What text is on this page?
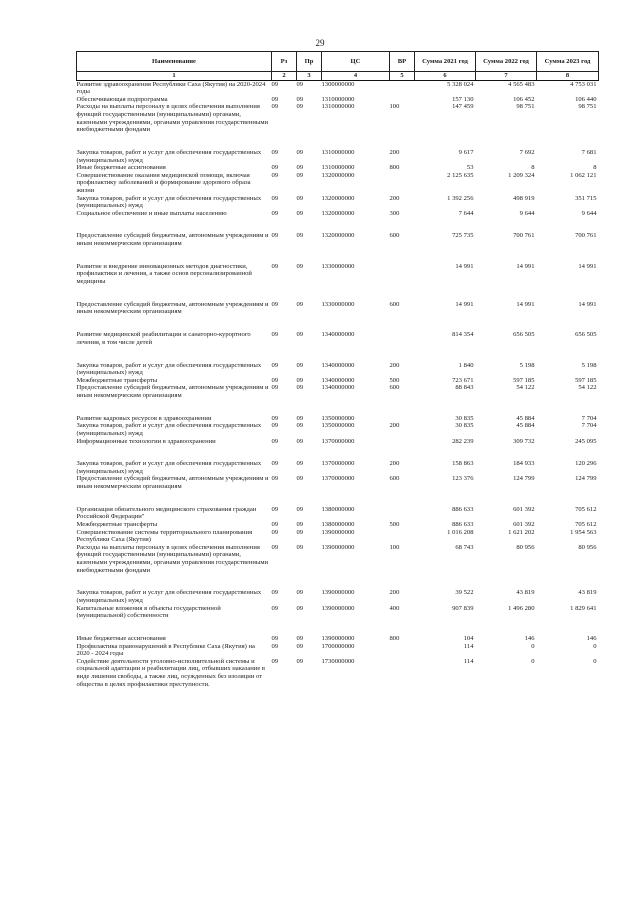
29
Наименование	Рз	Пр	ЦС	ВР	Сумма 2021 год	Сумма 2022 год	Сумма 2023 год
1	2	3	4	5	6	7	8
Развитие здравоохранения Республики Саха (Якутия) на 2020-2024 годы	09	09	1300000000		5 328 024	4 565 483	4 753 031
Обеспечивающая подпрограмма	09	09	1310000000		157 130	106 452	106 440
Расходы на выплаты персоналу в целях обеспечения выполнения функций государственными (муниципальными) органами, казенными учреждениями, органами управления государственными внебюджетными фондами	09	09	1310000000	100	147 459	98 751	98 751

Закупка товаров, работ и услуг для обеспечения государственных (муниципальных) нужд	09	09	1310000000	200	9 617	7 692	7 681
Иные бюджетные ассигнования	09	09	1310000000	800	53	8	8
Совершенствование оказания медицинской помощи, включая профилактику заболеваний и формирование здорового образа жизни	09	09	1320000000		2 125 635	1 209 324	1 062 121
Закупка товаров, работ и услуг для обеспечения государственных (муниципальных) нужд	09	09	1320000000	200	1 392 256	498 919	351 715
Социальное обеспечение и иные выплаты населению	09	09	1320000000	300	7 644	9 644	9 644

Предоставление субсидий бюджетным, автономным учреждениям и иным некоммерческим организациям	09	09	1320000000	600	725 735	700 761	700 761

Развитие и внедрение инновационных методов диагностики, профилактики и лечения, а также основ персонализированной медицины	09	09	1330000000		14 991	14 991	14 991

Предоставление субсидий бюджетным, автономным учреждениям и иным некоммерческим организациям	09	09	1330000000	600	14 991	14 991	14 991

Развитие медицинской реабилитации и санаторно-курортного лечения, в том числе детей	09	09	1340000000		814 354	656 505	656 505

Закупка товаров, работ и услуг для обеспечения государственных (муниципальных) нужд	09	09	1340000000	200	1 840	5 198	5 198
Межбюджетные трансферты	09	09	1340000000	500	723 671	597 185	597 185
Предоставление субсидий бюджетным, автономным учреждениям и иным некоммерческим организациям	09	09	1340000000	600	88 843	54 122	54 122

Развитие кадровых ресурсов в здравоохранении	09	09	1350000000		30 835	45 884	7 704
Закупка товаров, работ и услуг для обеспечения государственных (муниципальных) нужд	09	09	1350000000	200	30 835	45 884	7 704
Информационные технологии в здравоохранении	09	09	1370000000		282 239	309 732	245 095

Закупка товаров, работ и услуг для обеспечения государственных (муниципальных) нужд	09	09	1370000000	200	158 863	184 933	120 296
Предоставление субсидий бюджетным, автономным учреждениям и иным некоммерческим организациям	09	09	1370000000	600	123 376	124 799	124 799

Организация обязательного медицинского страхования граждан Российской Федерации"	09	09	1380000000		886 633	601 392	705 612
Межбюджетные трансферты	09	09	1380000000	500	886 633	601 392	705 612
Совершенствование системы территориального планирования Республики Саха (Якутия)	09	09	1390000000		1 016 208	1 621 202	1 954 563
Расходы на выплаты персоналу в целях обеспечения выполнения функций государственными (муниципальными) органами, казенными учреждениями, органами управления государственными внебюджетными фондами	09	09	1390000000	100	68 743	80 956	80 956

Закупка товаров, работ и услуг для обеспечения государственных (муниципальных) нужд	09	09	1390000000	200	39 522	43 819	43 819
Капитальные вложения в объекты государственной (муниципальной) собственности	09	09	1390000000	400	907 839	1 496 280	1 829 641

Иные бюджетные ассигнования	09	09	1390000000	800	104	146	146
Профилактика правонарушений в Республике Саха (Якутия) на 2020 - 2024 годы	09	09	1700000000		114	0	0
Содействие деятельности уголовно-исполнительной системы и социальной адаптации и реабилитации лиц, отбывших наказание в виде лишения свободы, а также лиц, осужденных без изоляции от общества в целях профилактики преступности.	09	09	1730000000		114	0	0
